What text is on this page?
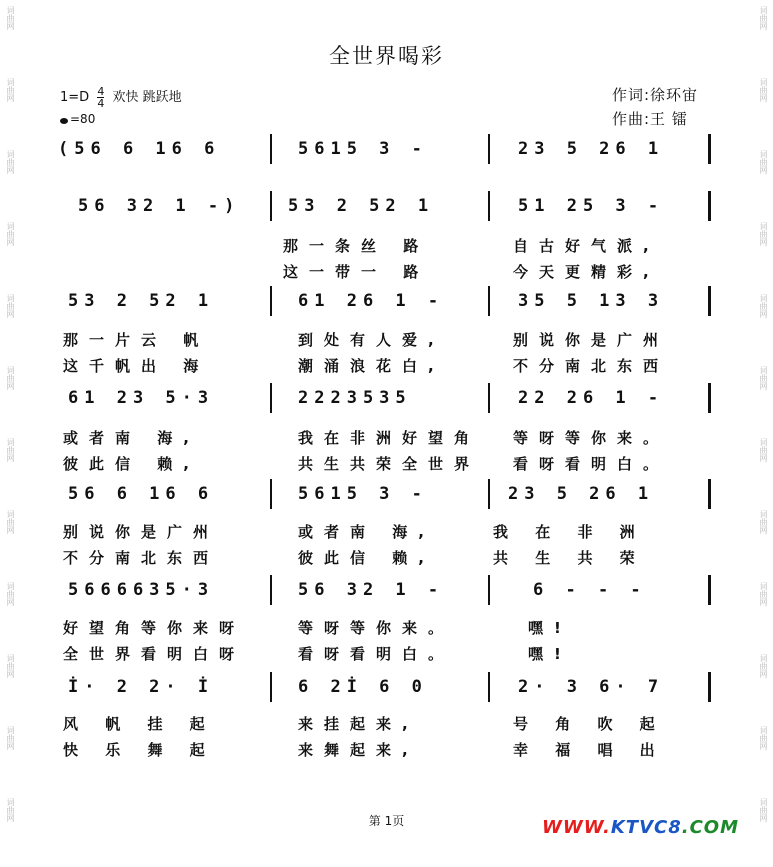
词曲网
词曲网
词曲网
词曲网
词曲网
词曲网
词曲网
词曲网
词曲网
词曲网
词曲网
词曲网
词曲网
词曲网
词曲网
词曲网
词曲网
词曲网
词曲网
词曲网
词曲网
词曲网
词曲网
词曲网
全世界喝彩
$1=D \frac{4}{4}$ 欢快 跳跃地
=80
作词:徐环宙
作曲:王 镭
(56 6 16 6	5615 3 -	23 5 26 1
56 32 1 -)	53 2 52 1	51 25 3 -
那一条丝 路	自古好气派,
这一带一 路	今天更精彩,
53 2 52 1	61 26 1 -	35 5 13 3
那一片云 帆	到处有人爱,	别说你是广州
这千帆出 海	潮涌浪花白,	不分南北东西
61 23 5·3	2223535	22 26 1 -
或者南 海,	我在非洲好望角 等呀等你来。
彼此信 赖,	共生共荣全世界 看呀看明白。
56 6 16 6	5615 3 -	23 5 26 1
别说你是广州	或者南 海,	我 在 非 洲
不分南北东西	彼此信 赖,	共 生 共 荣
5666635·3	56 32 1 -	6 - - -
好望角等你来呀	等呀等你来。	嘿!
全世界看明白呀	看呀看明白。	嘿!
İ· 2 2· İ	6 2İ 6 0	2· 3 6· 7
风 帆 挂 起	来挂起来,	号 角 吹 起
快 乐 舞 起	来舞起来,	幸 福 唱 出
第 1页	WWW.KTVC8.COM
